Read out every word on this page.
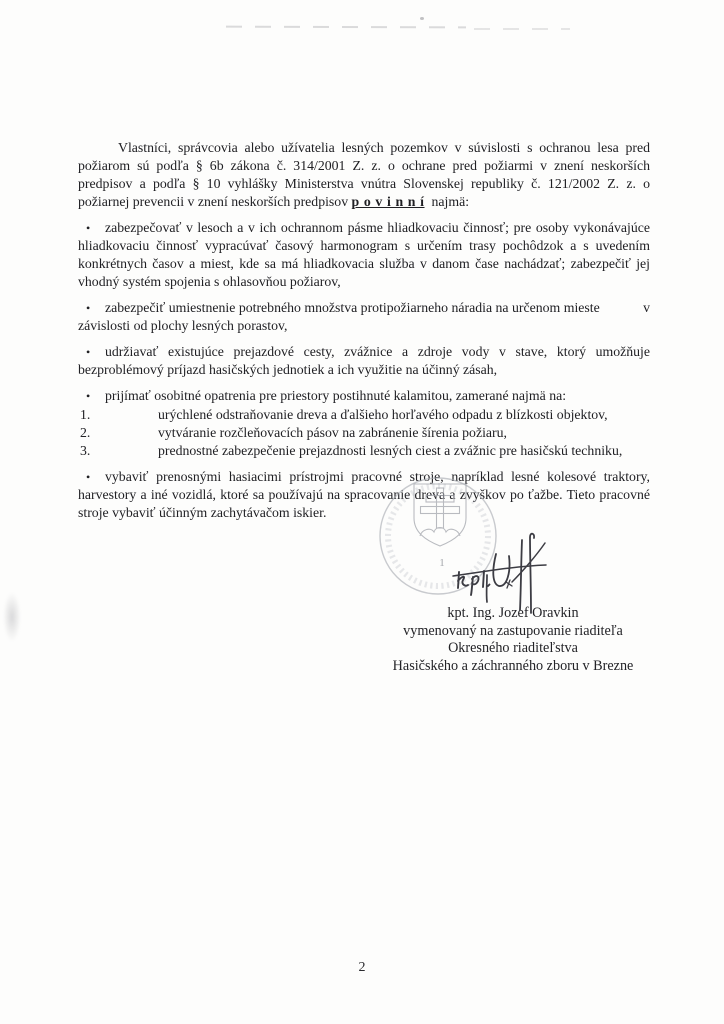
Vlastníci, správcovia alebo užívatelia lesných pozemkov v súvislosti s ochranou lesa pred požiarom sú podľa § 6b zákona č. 314/2001 Z. z. o ochrane pred požiarmi v znení neskorších predpisov a podľa § 10 vyhlášky Ministerstva vnútra Slovenskej republiky č. 121/2002 Z. z. o požiarnej prevencii v znení neskorších predpisov p o v i n n í najmä:

• zabezpečovať v lesoch a v ich ochrannom pásme hliadkovaciu činnosť; pre osoby vykonávajúce hliadkovaciu činnosť vypracúvať časový harmonogram s určením trasy pochôdzok a s uvedením konkrétnych časov a miest, kde sa má hliadkovacia služba v danom čase nachádzať; zabezpečiť jej vhodný systém spojenia s ohlasovňou požiarov,

• zabezpečiť umiestnenie potrebného množstva protipožiarneho náradia na určenom mieste	v
závislosti od plochy lesných porastov,

• udržiavať existujúce prejazdové cesty, zvážnice a zdroje vody v stave, ktorý umožňuje bezproblémový príjazd hasičských jednotiek a ich využitie na účinný zásah,

• prijímať osobitné opatrenia pre priestory postihnuté kalamitou, zamerané najmä na:

1.	urýchlené odstraňovanie dreva a ďalšieho horľavého odpadu z blízkosti objektov,

2.	vytváranie rozčleňovacích pásov na zabránenie šírenia požiaru,

3.	prednostné zabezpečenie prejazdnosti lesných ciest a zvážnic pre hasičskú techniku,

• vybaviť prenosnými hasiacimi prístrojmi pracovné stroje, napríklad lesné kolesové traktory, harvestory a iné vozidlá, ktoré sa používajú na spracovanie dreva a zvyškov po ťažbe. Tieto pracovné stroje vybaviť účinným zachytávačom iskier.

1
kpt. Ing. Jozef Oravkin
vymenovaný na zastupovanie riaditeľa
Okresného riaditeľstva
Hasičského a záchranného zboru v Brezne
2
